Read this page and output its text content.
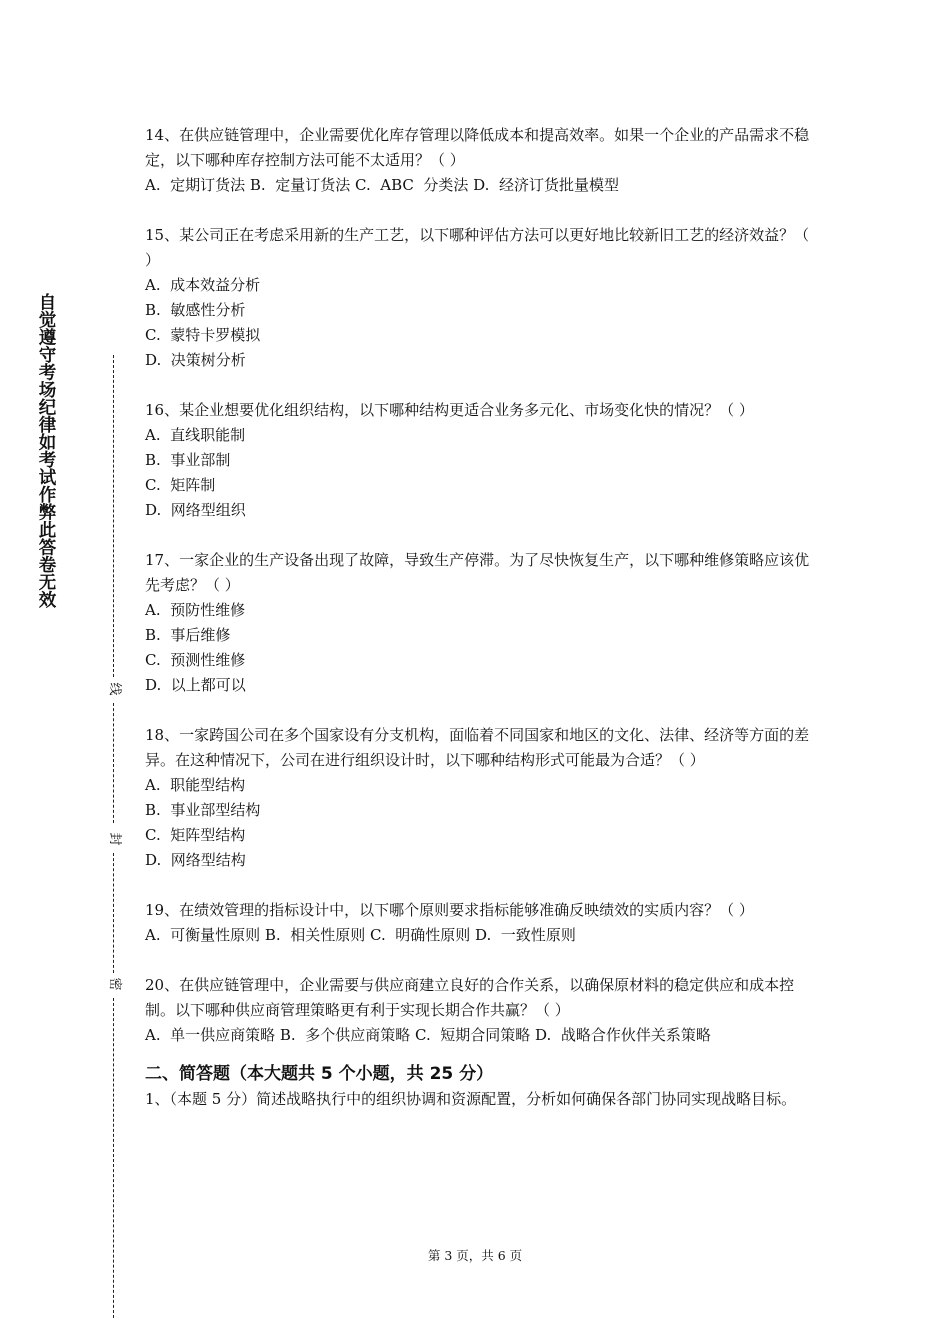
自觉遵守考场纪律如考试作弊此答卷无效
线
封
密

14、在供应链管理中，企业需要优化库存管理以降低成本和提高效率。如果一个企业的产品需求不稳定，以下哪种库存控制方法可能不太适用？（ ）

A.  定期订货法 B.  定量订货法 C.  ABC  分类法 D.  经济订货批量模型

15、某公司正在考虑采用新的生产工艺，以下哪种评估方法可以更好地比较新旧工艺的经济效益？（ ）

A.  成本效益分析

B.  敏感性分析

C.  蒙特卡罗模拟

D.  决策树分析

16、某企业想要优化组织结构，以下哪种结构更适合业务多元化、市场变化快的情况？（ ）

A.  直线职能制

B.  事业部制

C.  矩阵制

D.  网络型组织

17、一家企业的生产设备出现了故障，导致生产停滞。为了尽快恢复生产，以下哪种维修策略应该优先考虑？（ ）

A.  预防性维修

B.  事后维修

C.  预测性维修

D.  以上都可以

18、一家跨国公司在多个国家设有分支机构，面临着不同国家和地区的文化、法律、经济等方面的差异。在这种情况下，公司在进行组织设计时，以下哪种结构形式可能最为合适？（ ）

A.  职能型结构

B.  事业部型结构

C.  矩阵型结构

D.  网络型结构

19、在绩效管理的指标设计中，以下哪个原则要求指标能够准确反映绩效的实质内容？（ ）

A.  可衡量性原则 B.  相关性原则 C.  明确性原则 D.  一致性原则

20、在供应链管理中，企业需要与供应商建立良好的合作关系，以确保原材料的稳定供应和成本控制。以下哪种供应商管理策略更有利于实现长期合作共赢？（ ）

A.  单一供应商策略 B.  多个供应商策略 C.  短期合同策略 D.  战略合作伙伴关系策略

二、简答题（本大题共 5 个小题，共 25 分）

1、（本题 5 分）简述战略执行中的组织协调和资源配置，分析如何确保各部门协同实现战略目标。

第 3 页，共 6 页
